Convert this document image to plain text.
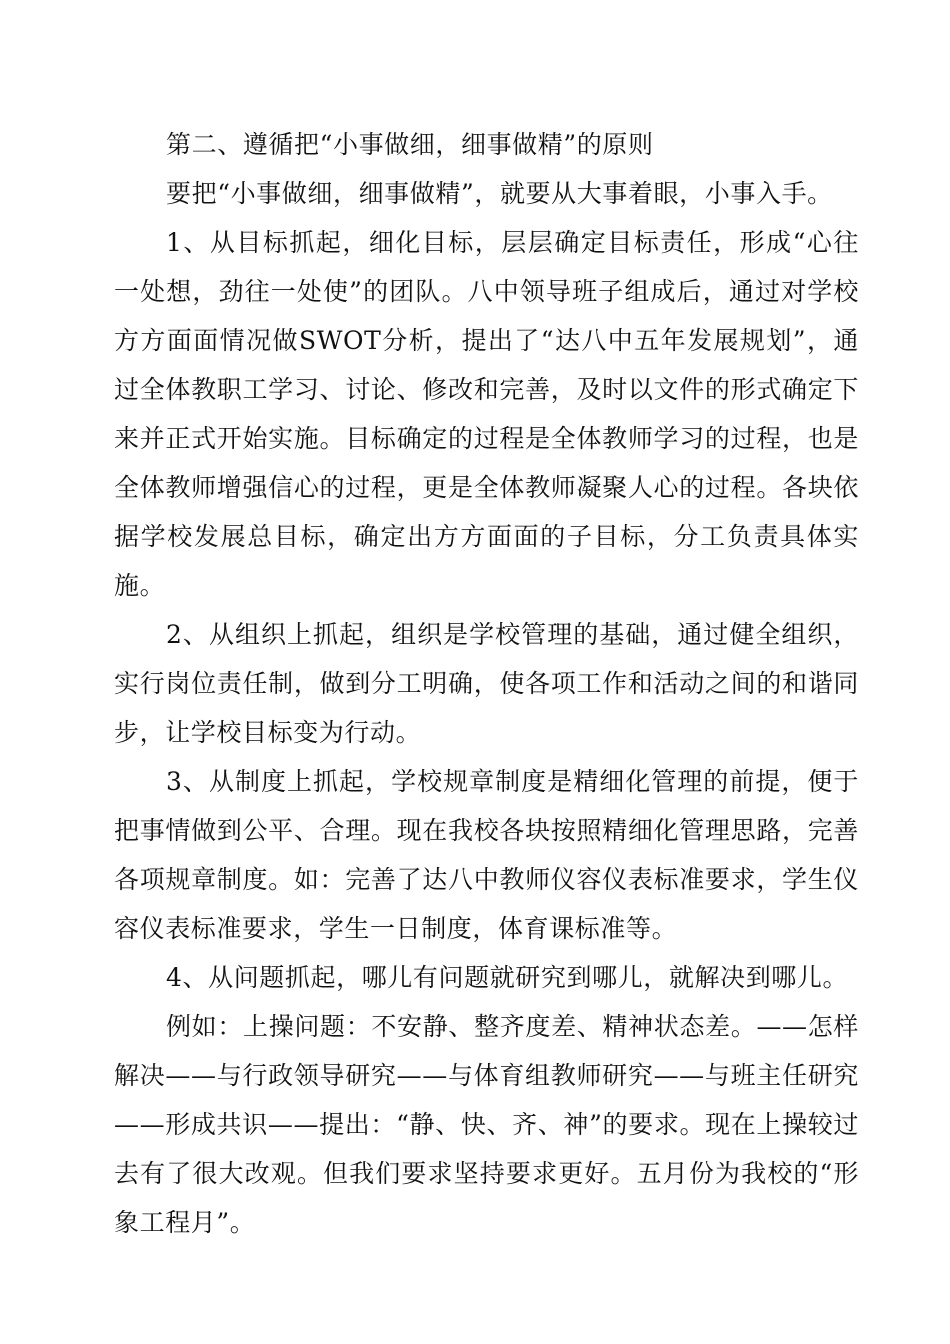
第二、遵循把“小事做细，细事做精”的原则

要把“小事做细，细事做精”，就要从大事着眼，小事入手。

1、从目标抓起，细化目标，层层确定目标责任，形成“心往一处想，劲往一处使”的团队。八中领导班子组成后，通过对学校方方面面情况做SWOT分析，提出了“达八中五年发展规划”，通过全体教职工学习、讨论、修改和完善，及时以文件的形式确定下来并正式开始实施。目标确定的过程是全体教师学习的过程，也是全体教师增强信心的过程，更是全体教师凝聚人心的过程。各块依据学校发展总目标，确定出方方面面的子目标，分工负责具体实施。

2、从组织上抓起，组织是学校管理的基础，通过健全组织，实行岗位责任制，做到分工明确，使各项工作和活动之间的和谐同步，让学校目标变为行动。

3、从制度上抓起，学校规章制度是精细化管理的前提，便于把事情做到公平、合理。现在我校各块按照精细化管理思路，完善各项规章制度。如：完善了达八中教师仪容仪表标准要求，学生仪容仪表标准要求，学生一日制度，体育课标准等。

4、从问题抓起，哪儿有问题就研究到哪儿，就解决到哪儿。

例如：上操问题：不安静、整齐度差、精神状态差。——怎样解决——与行政领导研究——与体育组教师研究——与班主任研究——形成共识——提出：“静、快、齐、神”的要求。现在上操较过去有了很大改观。但我们要求坚持要求更好。五月份为我校的“形象工程月”。
